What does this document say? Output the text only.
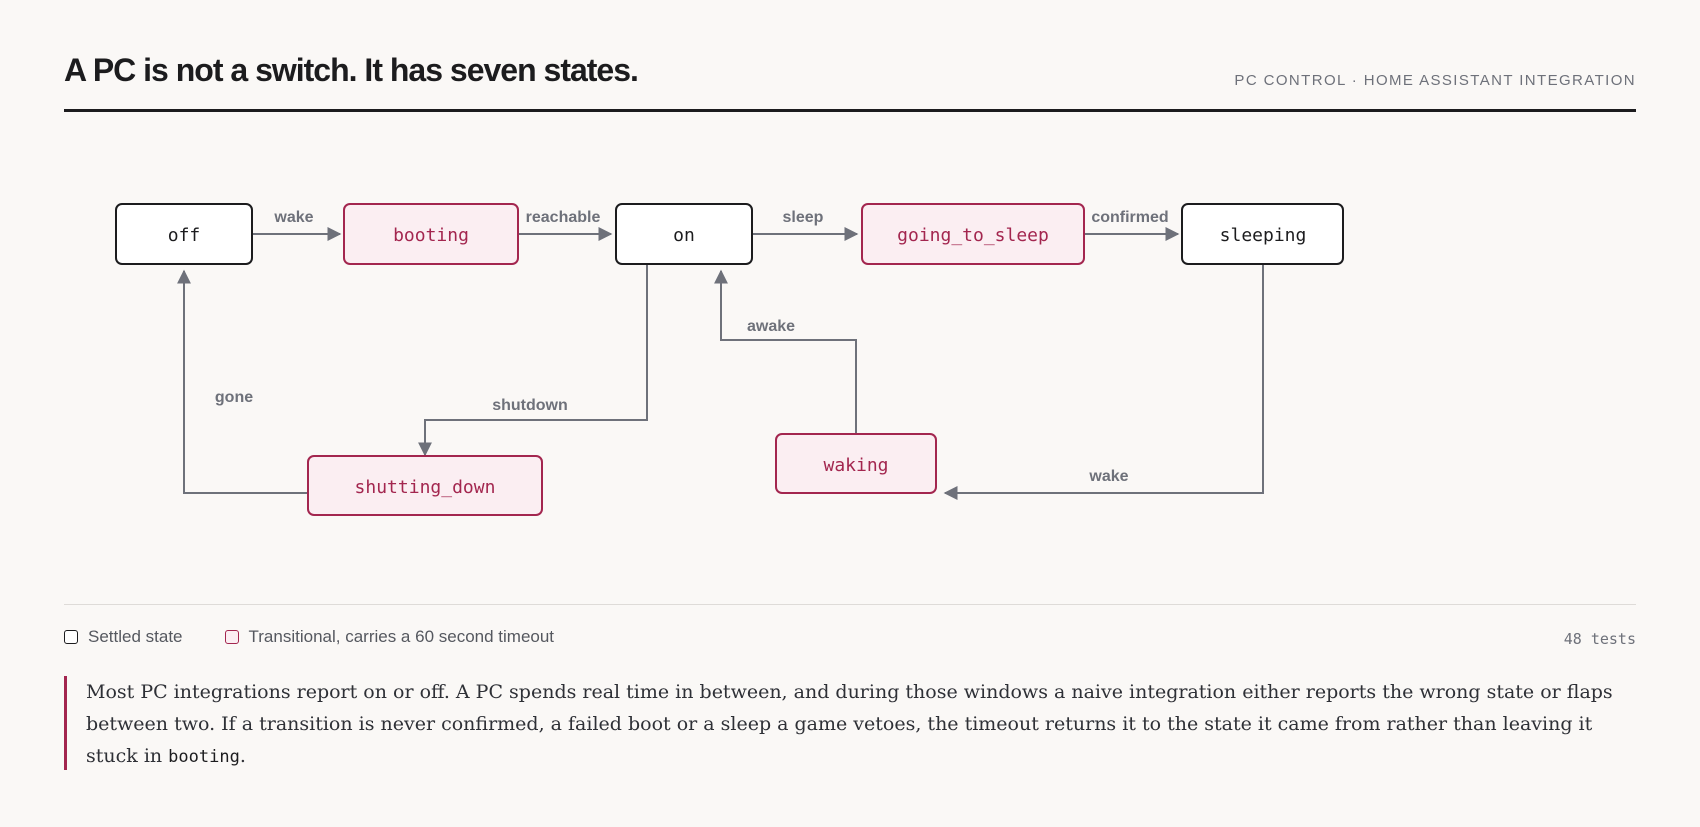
A PC is not a switch. It has seven states.	PC CONTROL · HOME ASSISTANT INTEGRATION
wake	reachable	sleep	confirmed
gone	shutdown
awake
wake
off	on	sleeping
booting	going_to_sleep
shutting_down
waking
Settled state	Transitional, carries a 60 second timeout	48 tests

Most PC integrations report on or off. A PC spends real time in between, and during those windows a naive integration either reports the wrong state or flaps between two. If a transition is never confirmed, a failed boot or a sleep a game vetoes, the timeout returns it to the state it came from rather than leaving it stuck in booting.
